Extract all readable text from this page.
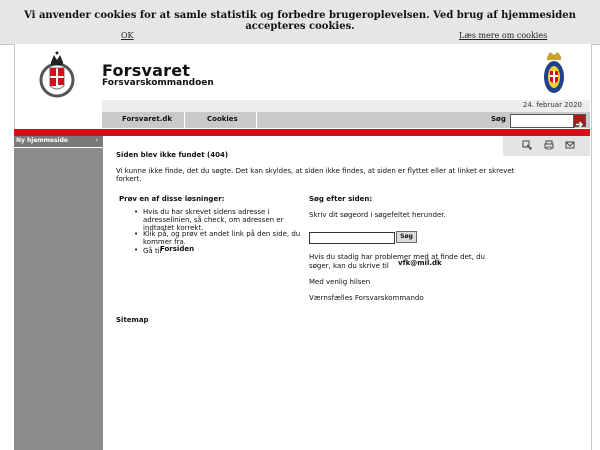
Vi anvender cookies for at samle statistik og forbedre brugeroplevelsen. Ved brug af hjemmesiden accepteres cookies.
OK	Læs mere om cookies
Forsvaret
Forsvarskommandoen
24. februar 2020
Forsvaret.dk	Cookies	Søg
Ny hjemmeside	›
Siden blev ikke fundet (404)
Vi kunne ikke finde, det du søgte. Det kan skyldes, at siden ikke findes, at siden er flyttet eller at linket er skrevet
forkert.
Prøv en af disse løsninger:
• Hvis du har skrevet sidens adresse i
adresselinien, så check, om adressen er
indtastet korrekt.
• Klik på, og prøv et andet link på den side, du
kommer fra.
• Gå til
Forsiden
Søg efter siden:
Skriv dit søgeord i søgefeltet herunder.
Søg
Hvis du stadig har problemer med at finde det, du
søger, kan du skrive til vfk@mil.dk
Med venlig hilsen
Værnsfælles Forsvarskommando
Sitemap
